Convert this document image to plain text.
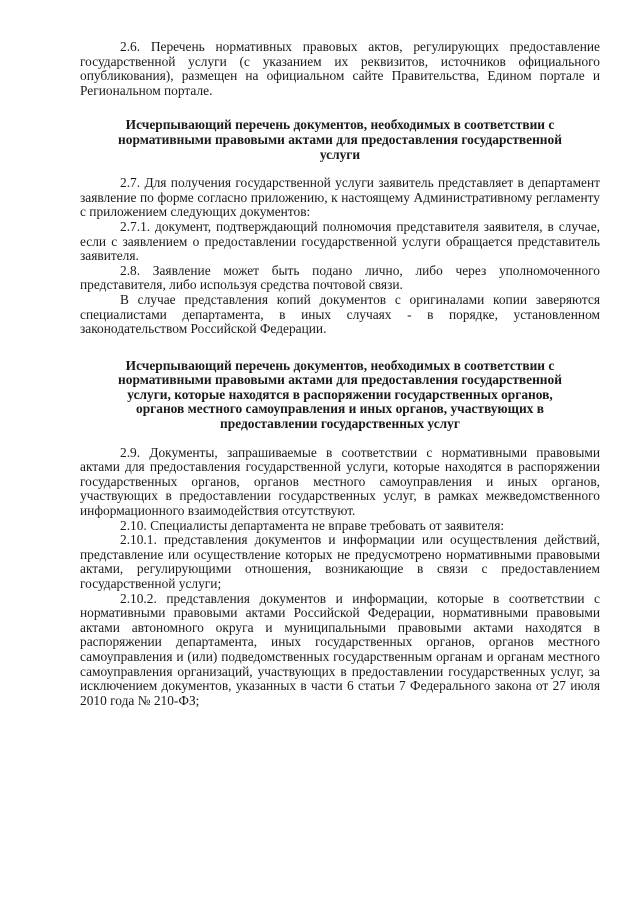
2.6. Перечень нормативных правовых актов, регулирующих предоставление государственной услуги (с указанием их реквизитов, источников официального опубликования), размещен на официальном сайте Правительства, Едином портале и Региональном портале.

Исчерпывающий перечень документов, необходимых в соответствии с нормативными правовыми актами для предоставления государственной услуги

2.7. Для получения государственной услуги заявитель представляет в департамент заявление по форме согласно приложению, к настоящему Административному регламенту с приложением следующих документов:

2.7.1. документ, подтверждающий полномочия представителя заявителя, в случае, если с заявлением о предоставлении государственной услуги обращается представитель заявителя.

2.8. Заявление может быть подано лично, либо через уполномоченного представителя, либо используя средства почтовой связи.

В случае представления копий документов с оригиналами копии заверяются специалистами департамента, в иных случаях - в порядке, установленном законодательством Российской Федерации.

Исчерпывающий перечень документов, необходимых в соответствии с нормативными правовыми актами для предоставления государственной услуги, которые находятся в распоряжении государственных органов, органов местного самоуправления и иных органов, участвующих в предоставлении государственных услуг

2.9. Документы, запрашиваемые в соответствии с нормативными правовыми актами для предоставления государственной услуги, которые находятся в распоряжении государственных органов, органов местного самоуправления и иных органов, участвующих в предоставлении государственных услуг, в рамках межведомственного информационного взаимодействия отсутствуют.

2.10. Специалисты департамента не вправе требовать от заявителя:

2.10.1. представления документов и информации или осуществления действий, представление или осуществление которых не предусмотрено нормативными правовыми актами, регулирующими отношения, возникающие в связи с предоставлением государственной услуги;

2.10.2. представления документов и информации, которые в соответствии с нормативными правовыми актами Российской Федерации, нормативными правовыми актами автономного округа и муниципальными правовыми актами находятся в распоряжении департамента, иных государственных органов, органов местного самоуправления и (или) подведомственных государственным органам и органам местного самоуправления организаций, участвующих в предоставлении государственных услуг, за исключением документов, указанных в части 6 статьи 7 Федерального закона от 27 июля 2010 года № 210-ФЗ;
